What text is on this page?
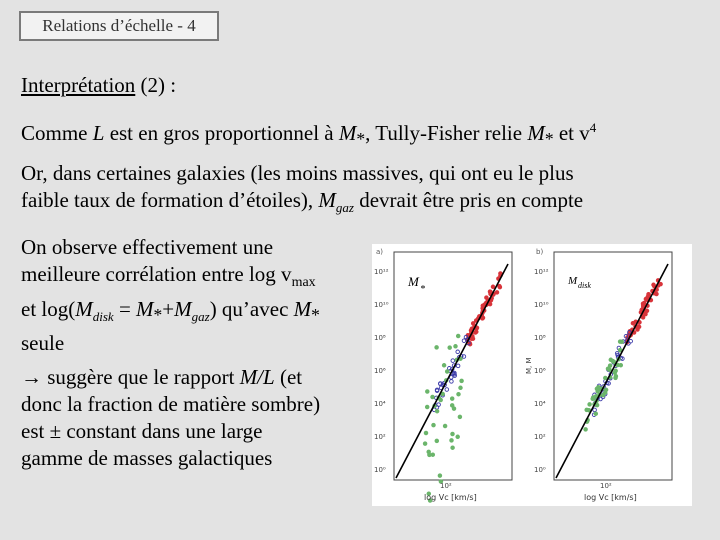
Relations d’échelle - 4
Interprétation (2) :
Comme L est en gros proportionnel à $M_*$, Tully-Fisher relie $M_*$ et $v^4$
Or, dans certaines galaxies (les moins massives, qui ont eu le plus
faible taux de formation d’étoiles), $M_{gaz}$ devrait être pris en compte
On observe effectivement une
meilleure corrélation entre $\log v_{max}$
et $\log(M_{disk} = M_*+M_{gaz})$ qu’avec $M_*$
seule
→ suggère que le rapport M/L (et
donc la fraction de matière sombre)
est ± constant dans une large
gamme de masses galactiques
a)
M
*
10¹²
10¹⁰
10⁸
10⁶
10⁴
10²
10⁰
10²
log Vc [km/s]
b)
M disk
M, M
10¹²
10¹⁰
10⁸
10⁶
10⁴
10²
10⁰
10²
log Vc [km/s]
